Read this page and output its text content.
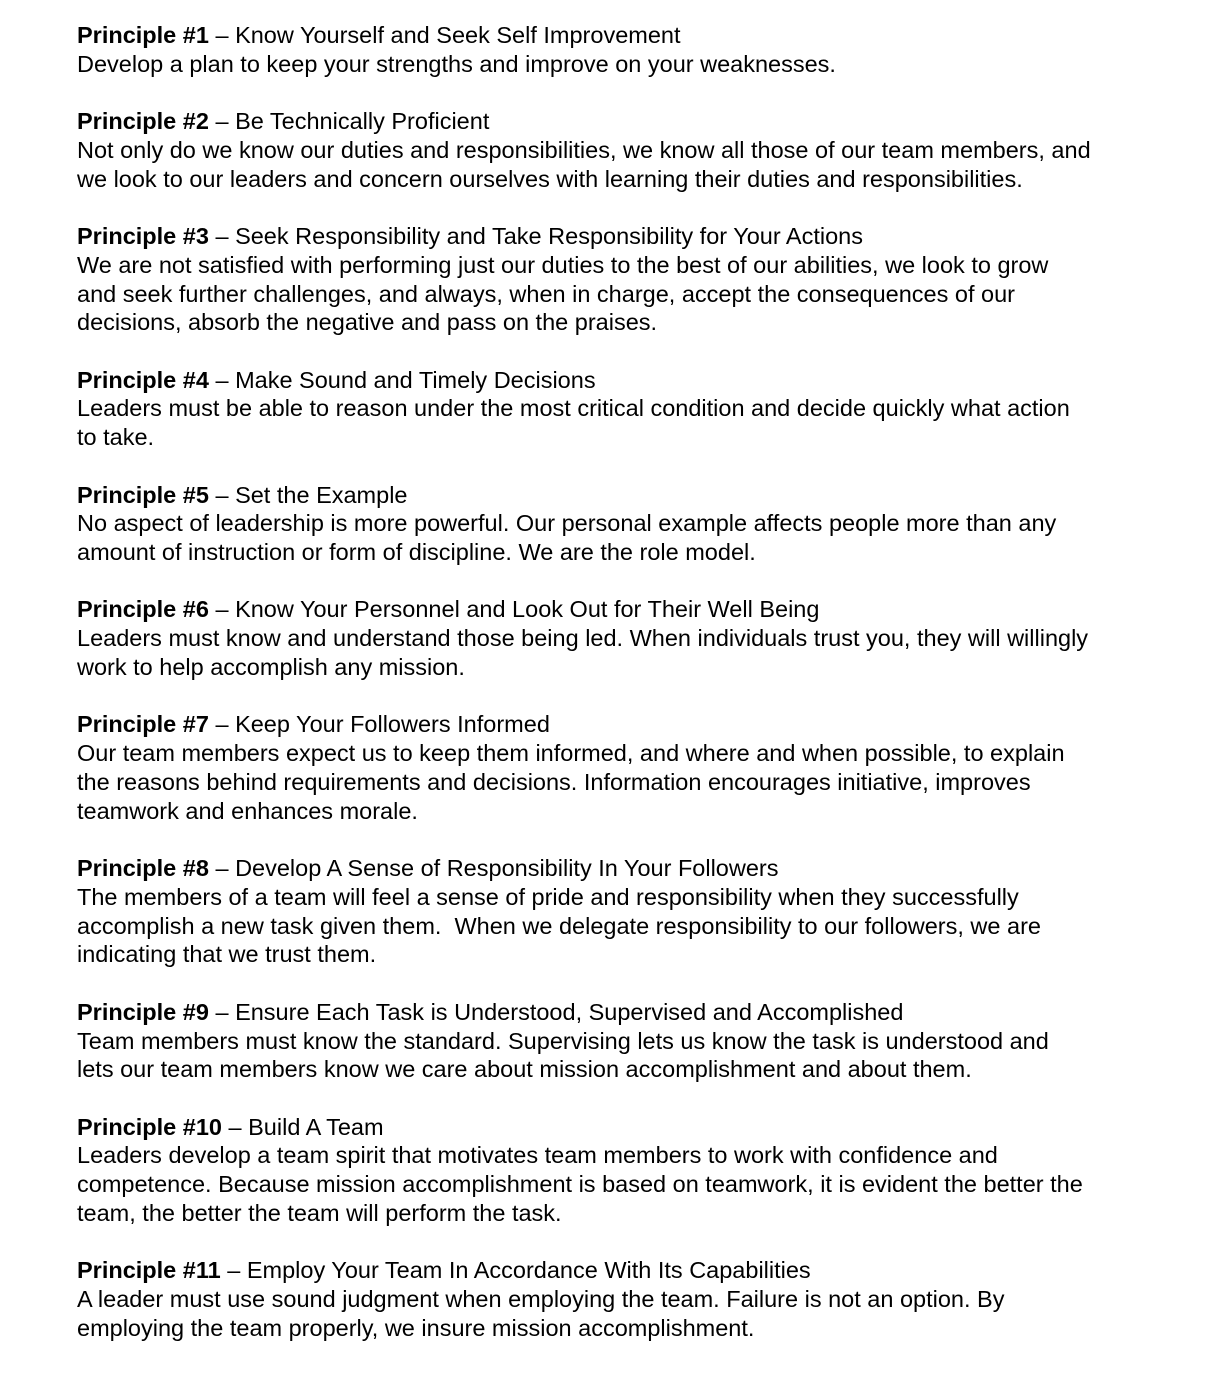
Principle #1 – Know Yourself and Seek Self Improvement
Develop a plan to keep your strengths and improve on your weaknesses.
Principle #2 – Be Technically Proficient
Not only do we know our duties and responsibilities, we know all those of our team members, and
we look to our leaders and concern ourselves with learning their duties and responsibilities.
Principle #3 – Seek Responsibility and Take Responsibility for Your Actions
We are not satisfied with performing just our duties to the best of our abilities, we look to grow
and seek further challenges, and always, when in charge, accept the consequences of our
decisions, absorb the negative and pass on the praises.
Principle #4 – Make Sound and Timely Decisions
Leaders must be able to reason under the most critical condition and decide quickly what action
to take.
Principle #5 – Set the Example
No aspect of leadership is more powerful. Our personal example affects people more than any
amount of instruction or form of discipline. We are the role model.
Principle #6 – Know Your Personnel and Look Out for Their Well Being
Leaders must know and understand those being led. When individuals trust you, they will willingly
work to help accomplish any mission.
Principle #7 – Keep Your Followers Informed
Our team members expect us to keep them informed, and where and when possible, to explain
the reasons behind requirements and decisions. Information encourages initiative, improves
teamwork and enhances morale.
Principle #8 – Develop A Sense of Responsibility In Your Followers
The members of a team will feel a sense of pride and responsibility when they successfully
accomplish a new task given them.  When we delegate responsibility to our followers, we are
indicating that we trust them.
Principle #9 – Ensure Each Task is Understood, Supervised and Accomplished
Team members must know the standard. Supervising lets us know the task is understood and
lets our team members know we care about mission accomplishment and about them.
Principle #10 – Build A Team
Leaders develop a team spirit that motivates team members to work with confidence and
competence. Because mission accomplishment is based on teamwork, it is evident the better the
team, the better the team will perform the task.
Principle #11 – Employ Your Team In Accordance With Its Capabilities
A leader must use sound judgment when employing the team. Failure is not an option. By
employing the team properly, we insure mission accomplishment.
